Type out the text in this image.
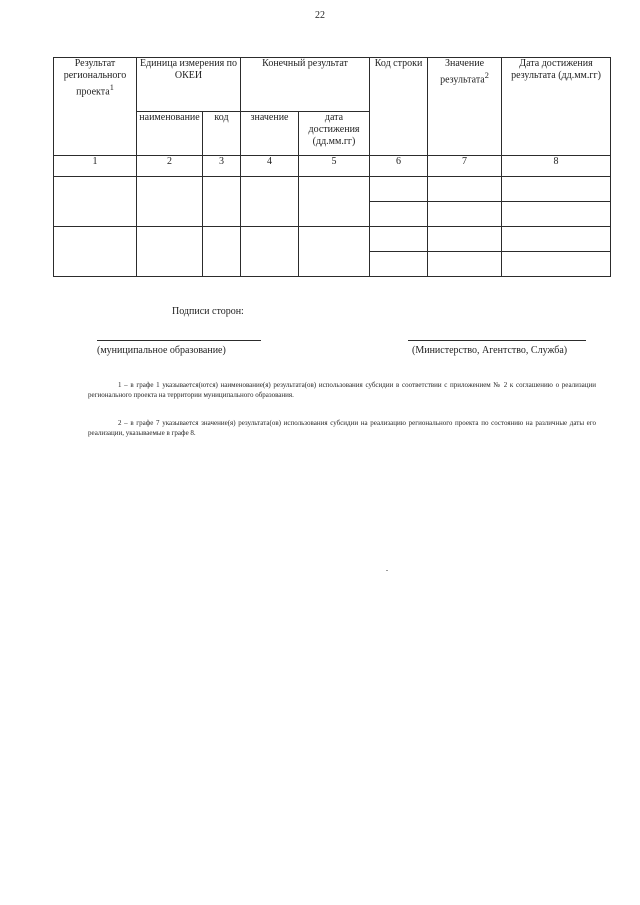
22
Результат регионального проекта$^1$	Единица измерения по ОКЕИ		Конечный результат		Код строки	Значение результата$^2$	Дата достижения результата (дд.мм.гг)
	наименование	код	значение	дата достижения (дд.мм.гг)			
1	2	3	4	5	6	7	8

Подписи сторон:
(муниципальное образование)	(Министерство, Агентство, Служба)

1 – в графе 1 указывается(ются) наименование(я) результата(ов) использования субсидии в соответствии с приложением № 2 к соглашению о реализации регионального проекта на территории муниципального образования.

2 – в графе 7 указывается значение(я) результата(ов) использования субсидии на реализацию регионального проекта по состоянию на различные даты его реализации, указываемые в графе 8.
